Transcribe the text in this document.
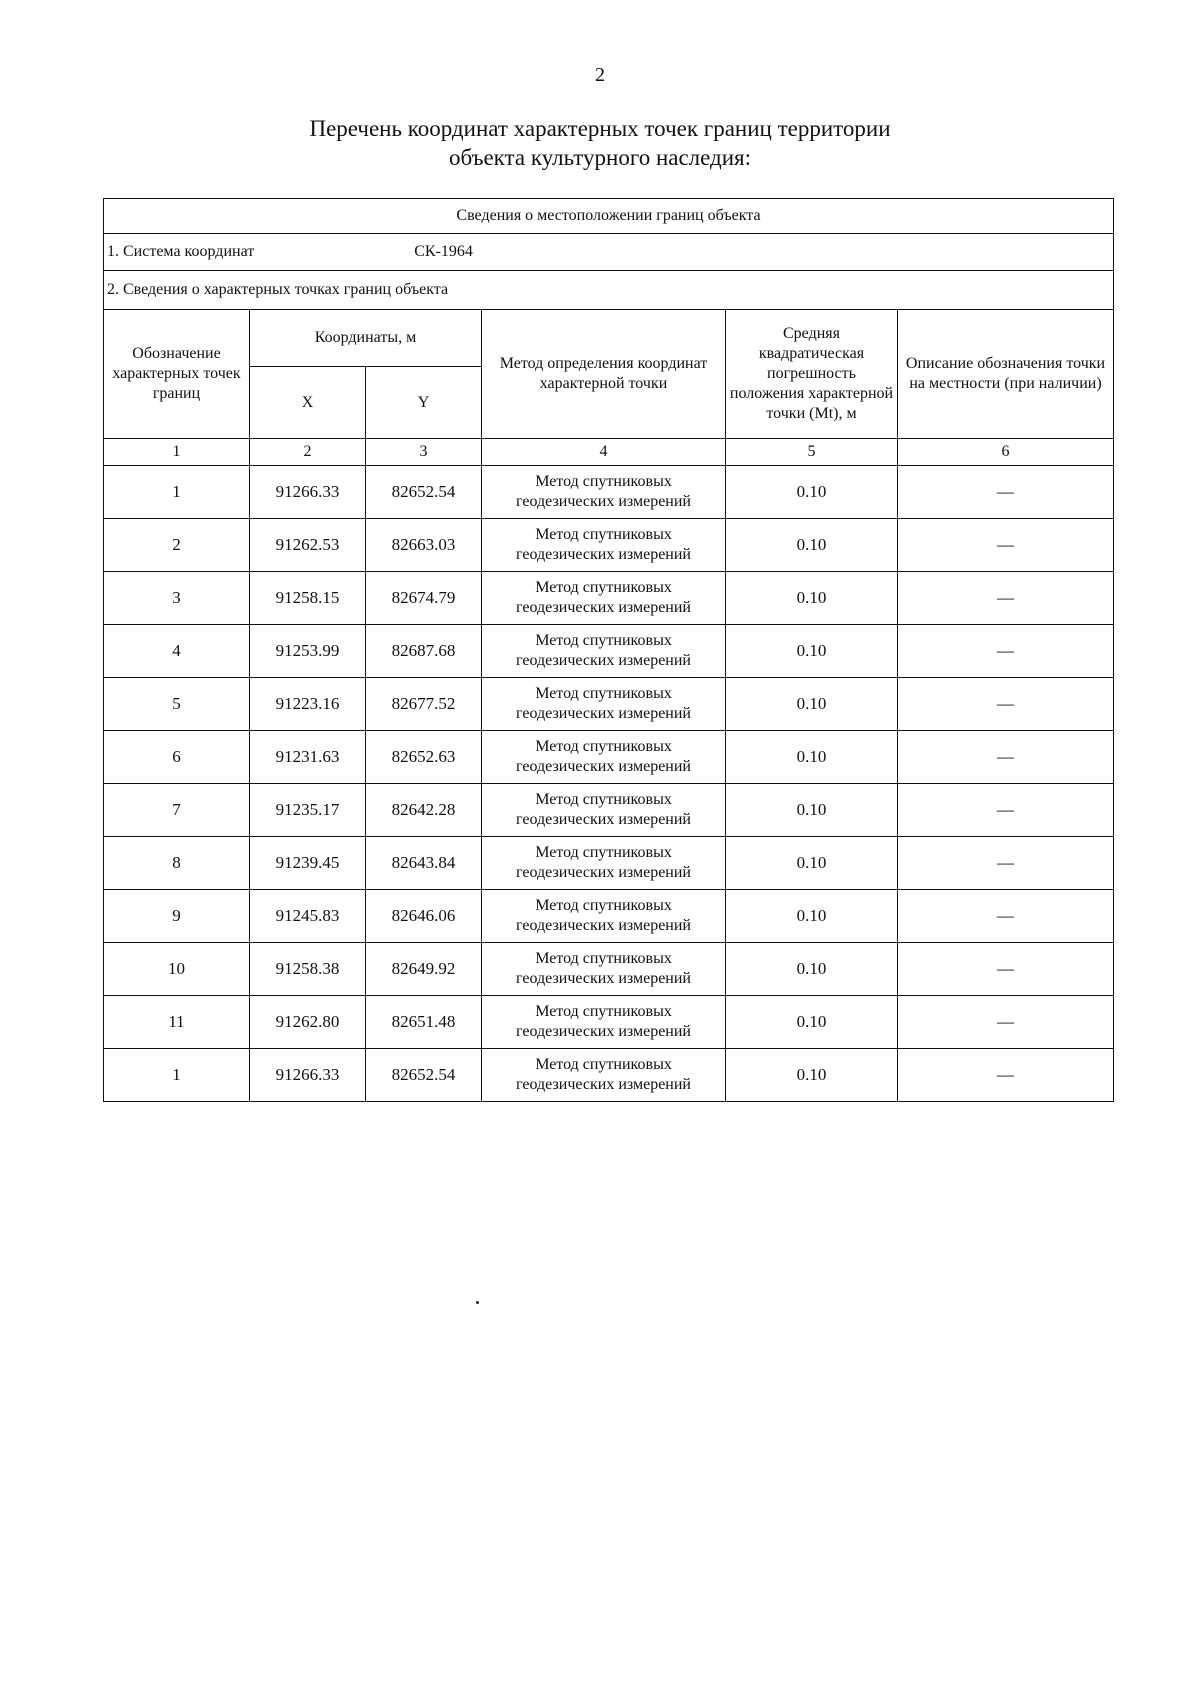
2
Перечень координат характерных точек границ территории
объекта культурного наследия:
Сведения о местоположении границ объекта					
1. Система координат СК-1964					
2. Сведения о характерных точках границ объекта					
Обозначение характерных точек границ	Координаты, м		Метод определения координат характерной точки	Средняя квадратическая погрешность положения характерной точки (Mt), м	Описание обозначения точки на местности (при наличии)
	X	Y			
1	2	3	4	5	6
1	91266.33	82652.54	Метод спутниковых геодезических измерений	0.10	—
2	91262.53	82663.03	Метод спутниковых геодезических измерений	0.10	—
3	91258.15	82674.79	Метод спутниковых геодезических измерений	0.10	—
4	91253.99	82687.68	Метод спутниковых геодезических измерений	0.10	—
5	91223.16	82677.52	Метод спутниковых геодезических измерений	0.10	—
6	91231.63	82652.63	Метод спутниковых геодезических измерений	0.10	—
7	91235.17	82642.28	Метод спутниковых геодезических измерений	0.10	—
8	91239.45	82643.84	Метод спутниковых геодезических измерений	0.10	—
9	91245.83	82646.06	Метод спутниковых геодезических измерений	0.10	—
10	91258.38	82649.92	Метод спутниковых геодезических измерений	0.10	—
11	91262.80	82651.48	Метод спутниковых геодезических измерений	0.10	—
1	91266.33	82652.54	Метод спутниковых геодезических измерений	0.10	—
